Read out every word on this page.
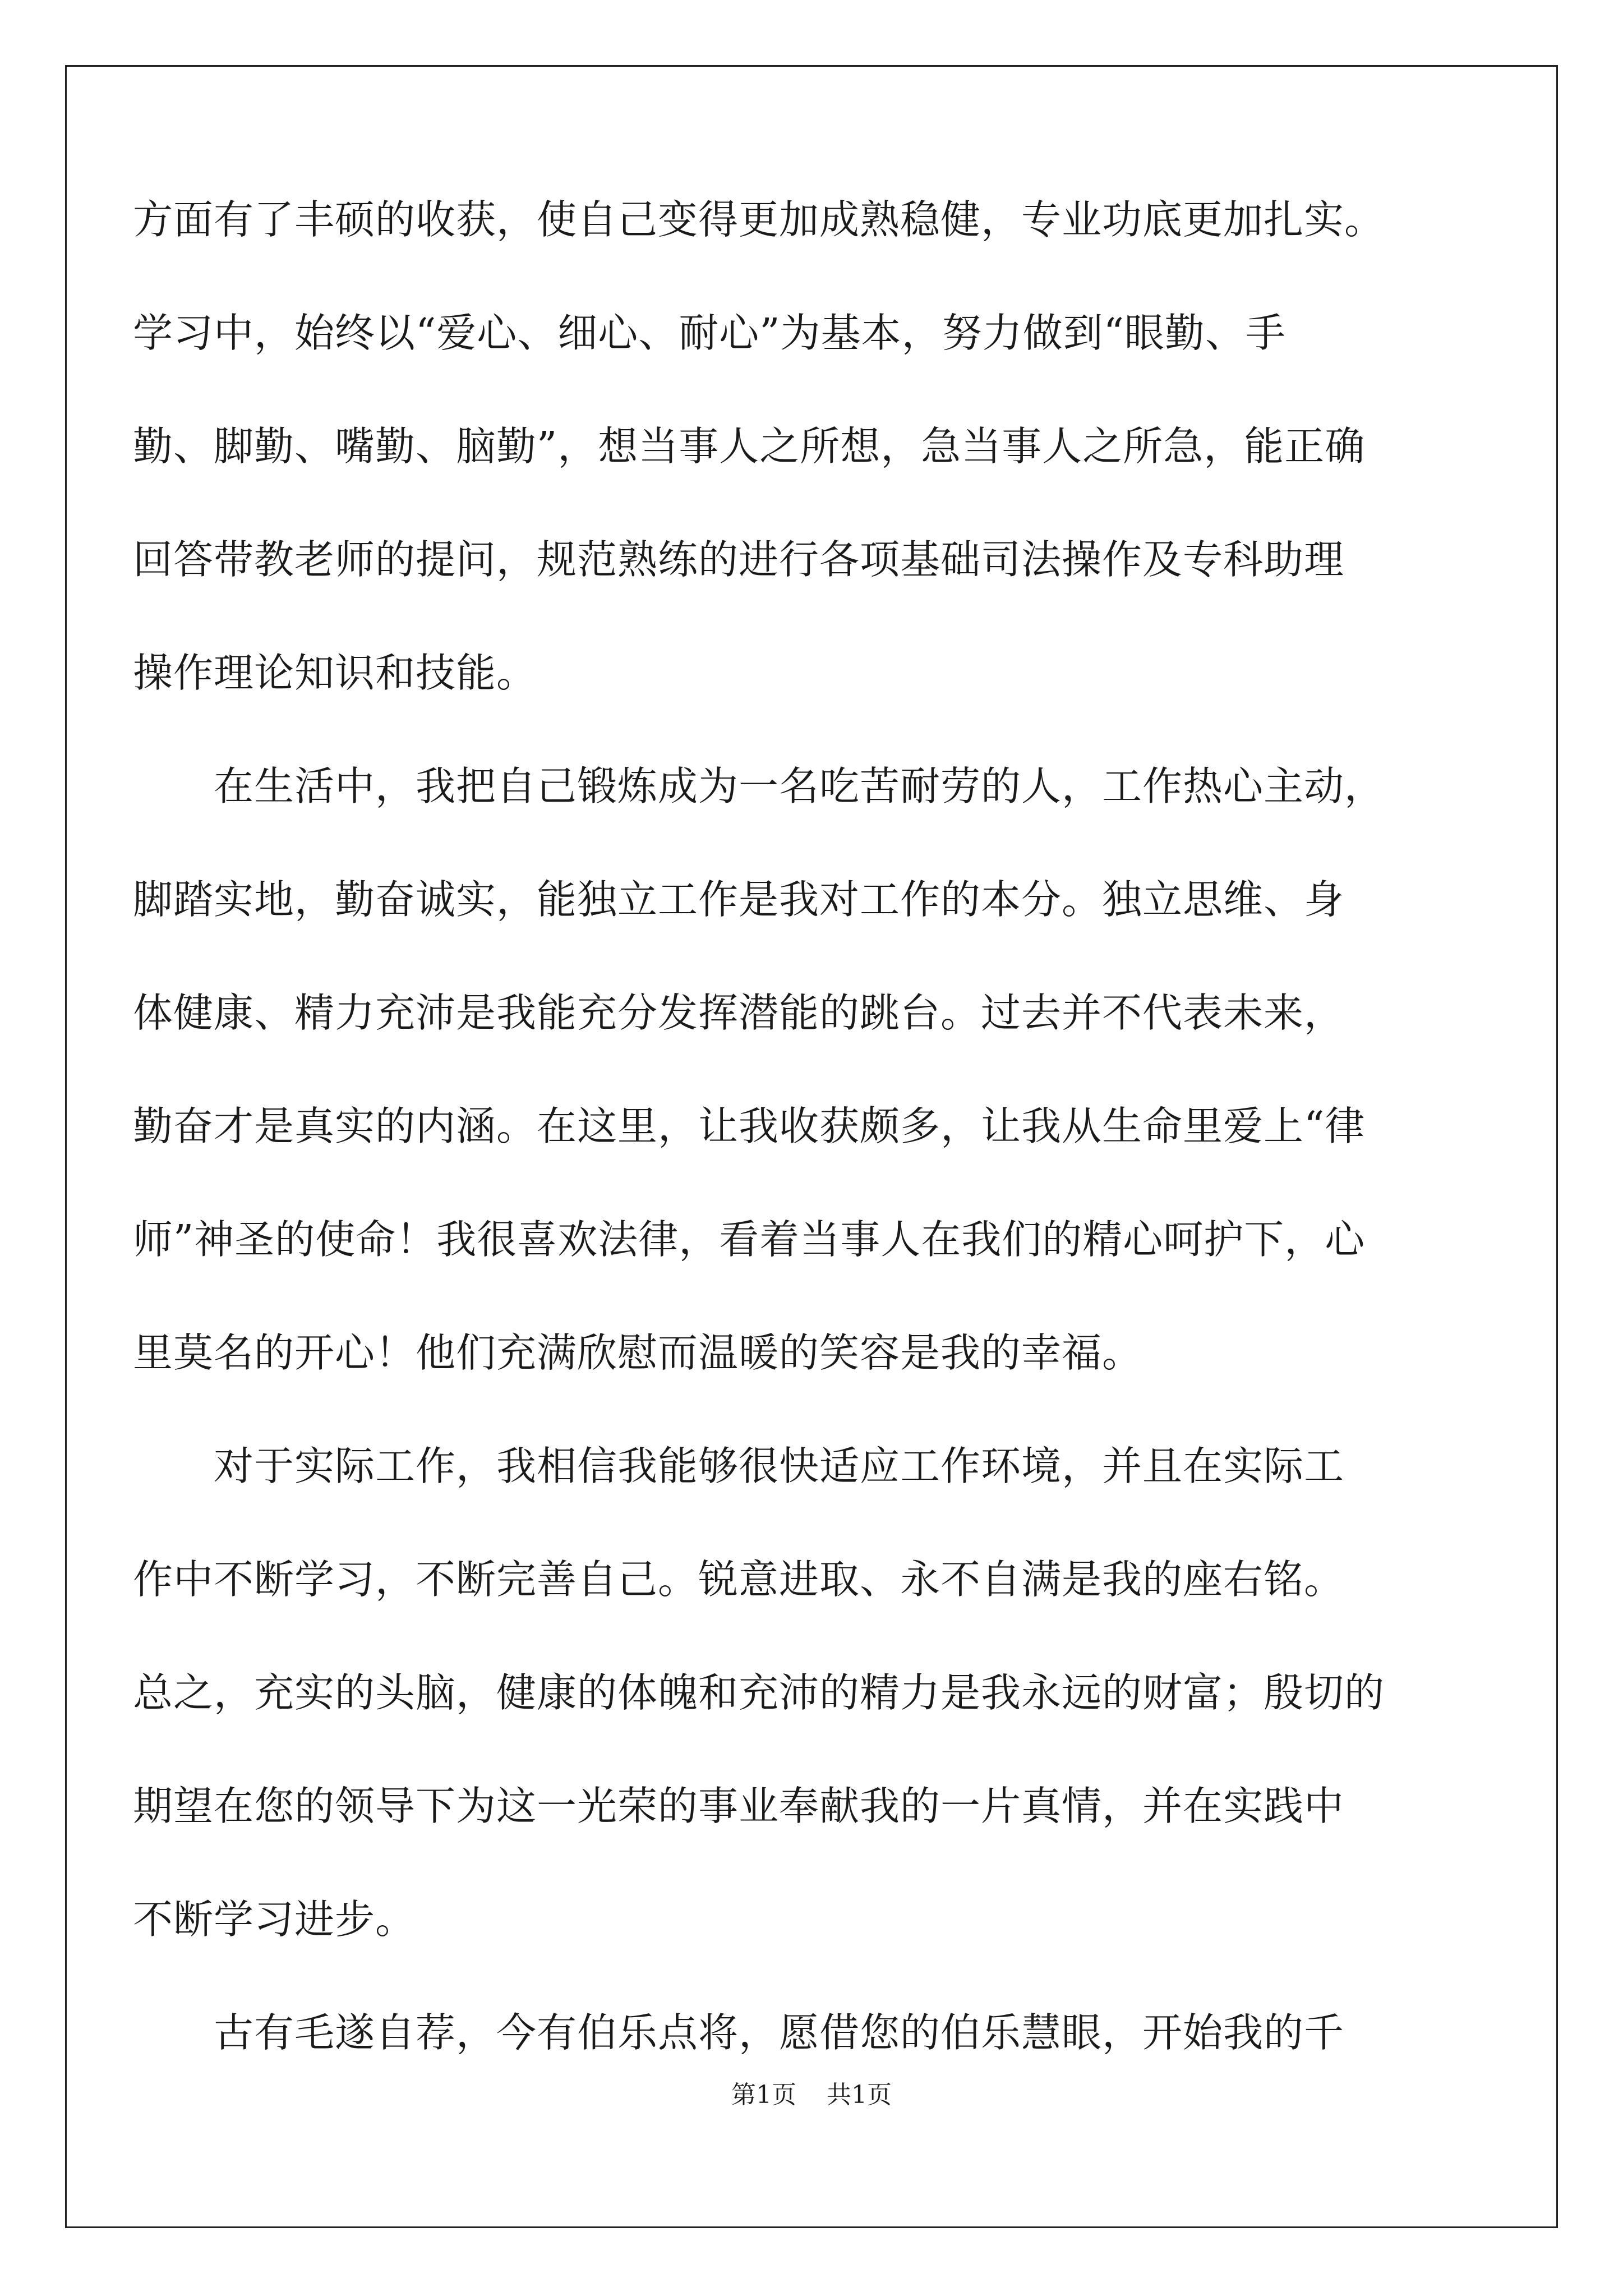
方面有了丰硕的收获，使自己变得更加成熟稳健，专业功底更加扎实。
学习中，始终以“爱心、细心、耐心”为基本，努力做到“眼勤、手
勤、脚勤、嘴勤、脑勤”，想当事人之所想，急当事人之所急，能正确
回答带教老师的提问，规范熟练的进行各项基础司法操作及专科助理
操作理论知识和技能。
　　在生活中，我把自己锻炼成为一名吃苦耐劳的人，工作热心主动，
脚踏实地，勤奋诚实，能独立工作是我对工作的本分。独立思维、身
体健康、精力充沛是我能充分发挥潜能的跳台。过去并不代表未来，
勤奋才是真实的内涵。在这里，让我收获颇多，让我从生命里爱上“律
师”神圣的使命！我很喜欢法律，看着当事人在我们的精心呵护下，心
里莫名的开心！他们充满欣慰而温暖的笑容是我的幸福。
　　对于实际工作，我相信我能够很快适应工作环境，并且在实际工
作中不断学习，不断完善自己。锐意进取、永不自满是我的座右铭。
总之，充实的头脑，健康的体魄和充沛的精力是我永远的财富；殷切的
期望在您的领导下为这一光荣的事业奉献我的一片真情，并在实践中
不断学习进步。
　　古有毛遂自荐，今有伯乐点将，愿借您的伯乐慧眼，开始我的千
第1页 共1页
